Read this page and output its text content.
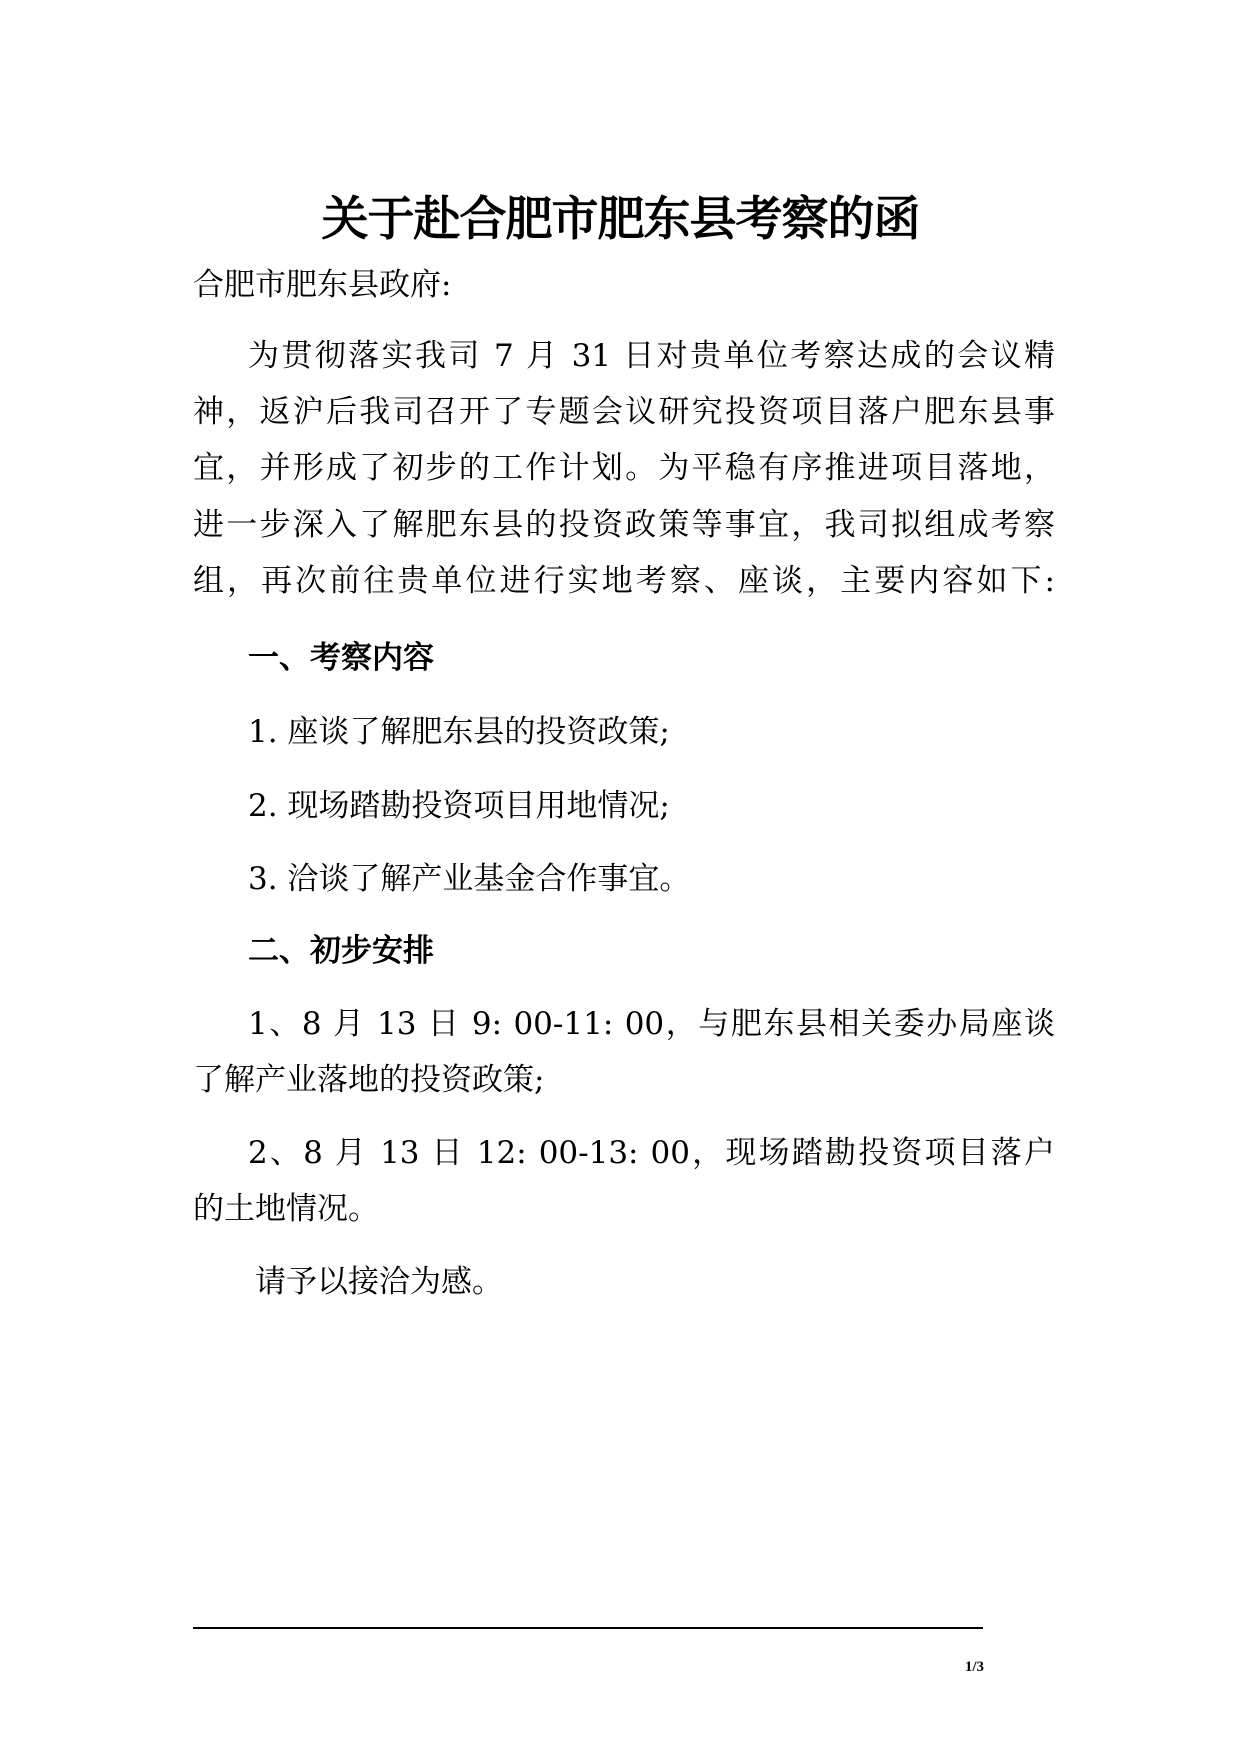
关于赴合肥市肥东县考察的函

合肥市肥东县政府:

为贯彻落实我司 7 月 31 日对贵单位考察达成的会议精

神，返沪后我司召开了专题会议研究投资项目落户肥东县事

宜，并形成了初步的工作计划。为平稳有序推进项目落地，

进一步深入了解肥东县的投资政策等事宜，我司拟组成考察

组，再次前往贵单位进行实地考察、座谈，主要内容如下:

一、考察内容

1. 座谈了解肥东县的投资政策;

2. 现场踏勘投资项目用地情况;

3. 洽谈了解产业基金合作事宜。

二、初步安排

1、8 月 13 日 9: 00-11: 00，与肥东县相关委办局座谈

了解产业落地的投资政策;

2、8 月 13 日 12: 00-13: 00，现场踏勘投资项目落户

的土地情况。

请予以接洽为感。

1/3
